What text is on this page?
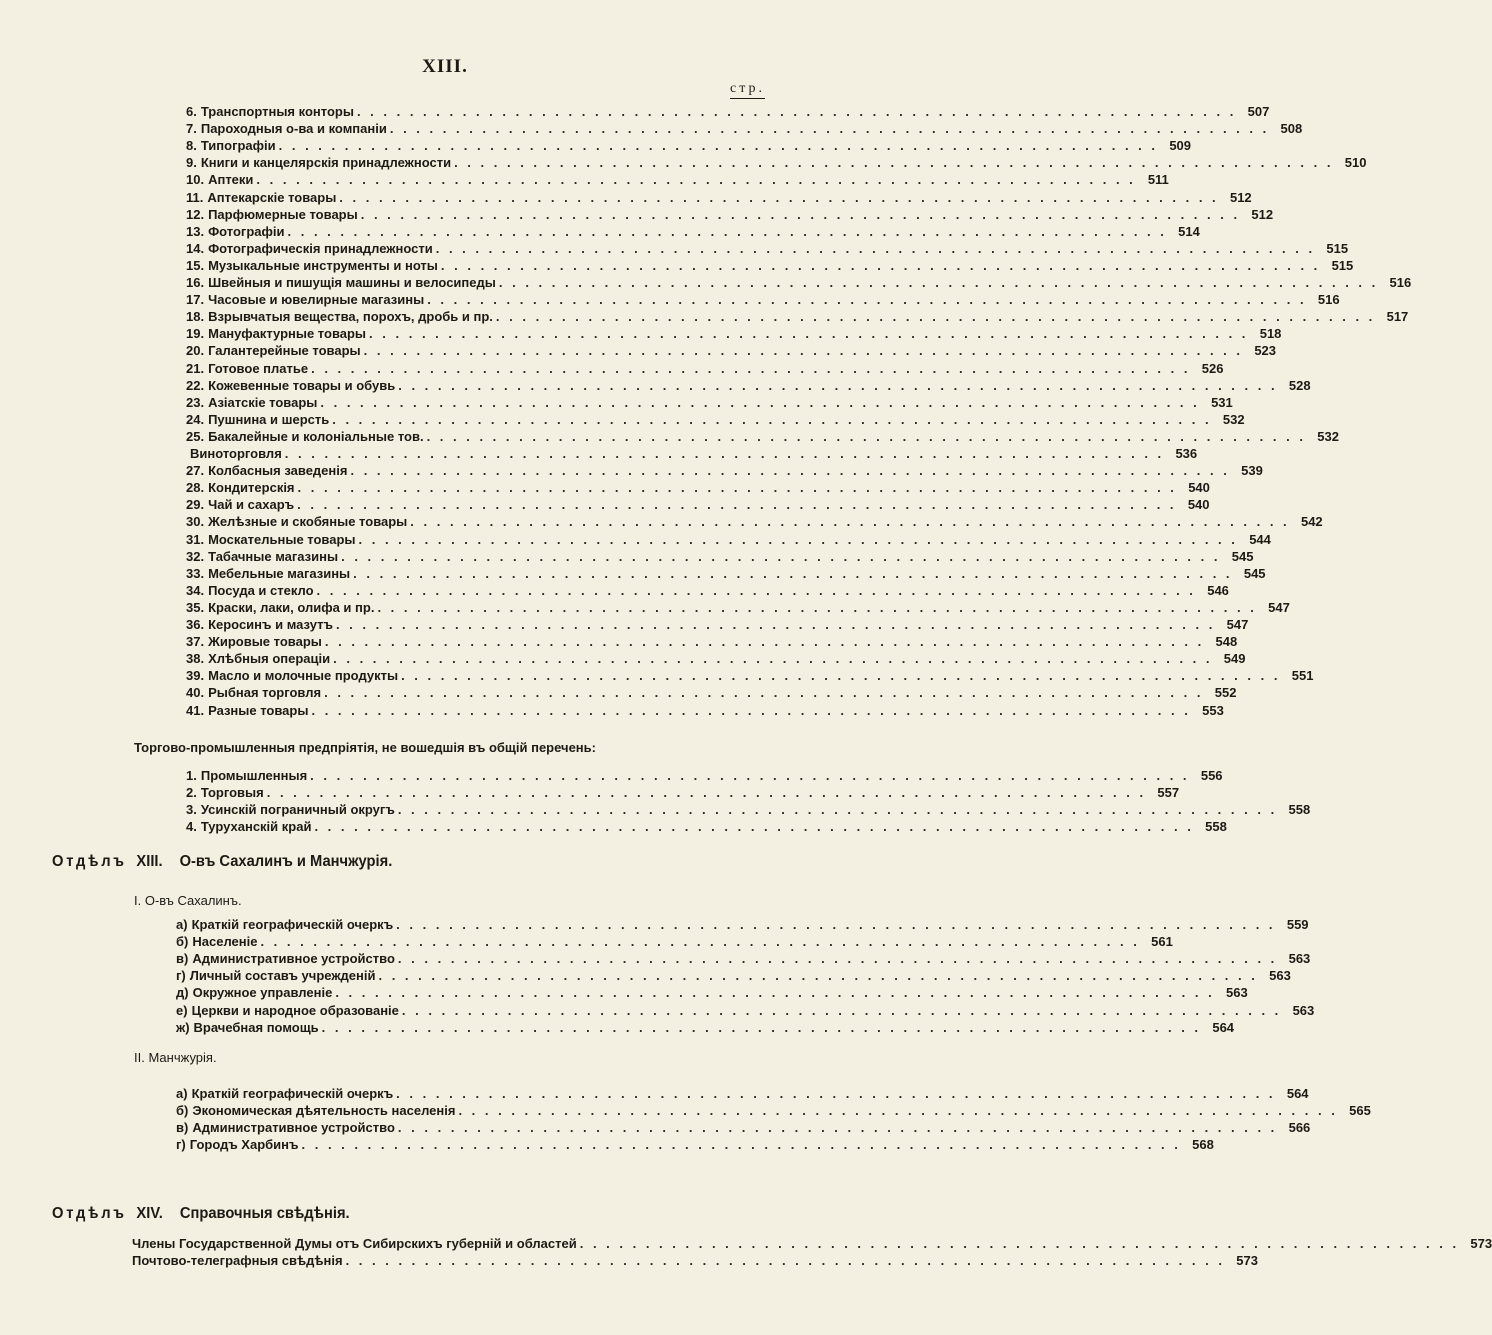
XIII.
стр.
6. Транспортныя конторы . . . . . . . . . . . . . . . . . . . . . . . . . . . . . . . . . . . . . . . . . . . . . . . . . . . . . . . . . . . . . . . . . . . 507
7. Пароходныя о-ва и компаніи . . . . . . . . . . . . . . . . . . . . . . . . . . . . . . . . . . . . . . . . . . . . . . . . . . . . . . . . . . . . . . . . . . . 508
8. Типографіи . . . . . . . . . . . . . . . . . . . . . . . . . . . . . . . . . . . . . . . . . . . . . . . . . . . . . . . . . . . . . . . . . . . 509
9. Книги и канцелярскія принадлежности . . . . . . . . . . . . . . . . . . . . . . . . . . . . . . . . . . . . . . . . . . . . . . . . . . . . . . . . . . . . . . . . . . . 510
10. Аптеки . . . . . . . . . . . . . . . . . . . . . . . . . . . . . . . . . . . . . . . . . . . . . . . . . . . . . . . . . . . . . . . . . . . 511
11. Аптекарскіе товары . . . . . . . . . . . . . . . . . . . . . . . . . . . . . . . . . . . . . . . . . . . . . . . . . . . . . . . . . . . . . . . . . . . 512
12. Парфюмерные товары . . . . . . . . . . . . . . . . . . . . . . . . . . . . . . . . . . . . . . . . . . . . . . . . . . . . . . . . . . . . . . . . . . . 512
13. Фотографіи . . . . . . . . . . . . . . . . . . . . . . . . . . . . . . . . . . . . . . . . . . . . . . . . . . . . . . . . . . . . . . . . . . . 514
14. Фотографическія принадлежности . . . . . . . . . . . . . . . . . . . . . . . . . . . . . . . . . . . . . . . . . . . . . . . . . . . . . . . . . . . . . . . . . . . 515
15. Музыкальные инструменты и ноты . . . . . . . . . . . . . . . . . . . . . . . . . . . . . . . . . . . . . . . . . . . . . . . . . . . . . . . . . . . . . . . . . . . 515
16. Швейныя и пишущія машины и велосипеды . . . . . . . . . . . . . . . . . . . . . . . . . . . . . . . . . . . . . . . . . . . . . . . . . . . . . . . . . . . . . . . . . . . 516
17. Часовые и ювелирные магазины . . . . . . . . . . . . . . . . . . . . . . . . . . . . . . . . . . . . . . . . . . . . . . . . . . . . . . . . . . . . . . . . . . . 516
18. Взрывчатыя вещества, порохъ, дробь и пр. . . . . . . . . . . . . . . . . . . . . . . . . . . . . . . . . . . . . . . . . . . . . . . . . . . . . . . . . . . . . . . . . . . . 517
19. Мануфактурные товары . . . . . . . . . . . . . . . . . . . . . . . . . . . . . . . . . . . . . . . . . . . . . . . . . . . . . . . . . . . . . . . . . . . 518
20. Галантерейные товары . . . . . . . . . . . . . . . . . . . . . . . . . . . . . . . . . . . . . . . . . . . . . . . . . . . . . . . . . . . . . . . . . . . 523
21. Готовое платье . . . . . . . . . . . . . . . . . . . . . . . . . . . . . . . . . . . . . . . . . . . . . . . . . . . . . . . . . . . . . . . . . . . 526
22. Кожевенные товары и обувь . . . . . . . . . . . . . . . . . . . . . . . . . . . . . . . . . . . . . . . . . . . . . . . . . . . . . . . . . . . . . . . . . . . 528
23. Азіатскіе товары . . . . . . . . . . . . . . . . . . . . . . . . . . . . . . . . . . . . . . . . . . . . . . . . . . . . . . . . . . . . . . . . . . . 531
24. Пушнина и шерсть . . . . . . . . . . . . . . . . . . . . . . . . . . . . . . . . . . . . . . . . . . . . . . . . . . . . . . . . . . . . . . . . . . . 532
25. Бакалейные и колоніальные тов. . . . . . . . . . . . . . . . . . . . . . . . . . . . . . . . . . . . . . . . . . . . . . . . . . . . . . . . . . . . . . . . . . . . 532
Виноторговля . . . . . . . . . . . . . . . . . . . . . . . . . . . . . . . . . . . . . . . . . . . . . . . . . . . . . . . . . . . . . . . . . . . 536
27. Колбасныя заведенія . . . . . . . . . . . . . . . . . . . . . . . . . . . . . . . . . . . . . . . . . . . . . . . . . . . . . . . . . . . . . . . . . . . 539
28. Кондитерскія . . . . . . . . . . . . . . . . . . . . . . . . . . . . . . . . . . . . . . . . . . . . . . . . . . . . . . . . . . . . . . . . . . . 540
29. Чай и сахаръ . . . . . . . . . . . . . . . . . . . . . . . . . . . . . . . . . . . . . . . . . . . . . . . . . . . . . . . . . . . . . . . . . . . 540
30. Желѣзные и скобяные товары . . . . . . . . . . . . . . . . . . . . . . . . . . . . . . . . . . . . . . . . . . . . . . . . . . . . . . . . . . . . . . . . . . . 542
31. Москательные товары . . . . . . . . . . . . . . . . . . . . . . . . . . . . . . . . . . . . . . . . . . . . . . . . . . . . . . . . . . . . . . . . . . . 544
32. Табачные магазины . . . . . . . . . . . . . . . . . . . . . . . . . . . . . . . . . . . . . . . . . . . . . . . . . . . . . . . . . . . . . . . . . . . 545
33. Мебельные магазины . . . . . . . . . . . . . . . . . . . . . . . . . . . . . . . . . . . . . . . . . . . . . . . . . . . . . . . . . . . . . . . . . . . 545
34. Посуда и стекло . . . . . . . . . . . . . . . . . . . . . . . . . . . . . . . . . . . . . . . . . . . . . . . . . . . . . . . . . . . . . . . . . . . 546
35. Краски, лаки, олифа и пр. . . . . . . . . . . . . . . . . . . . . . . . . . . . . . . . . . . . . . . . . . . . . . . . . . . . . . . . . . . . . . . . . . . . 547
36. Керосинъ и мазутъ . . . . . . . . . . . . . . . . . . . . . . . . . . . . . . . . . . . . . . . . . . . . . . . . . . . . . . . . . . . . . . . . . . . 547
37. Жировые товары . . . . . . . . . . . . . . . . . . . . . . . . . . . . . . . . . . . . . . . . . . . . . . . . . . . . . . . . . . . . . . . . . . . 548
38. Хлѣбныя операціи . . . . . . . . . . . . . . . . . . . . . . . . . . . . . . . . . . . . . . . . . . . . . . . . . . . . . . . . . . . . . . . . . . . 549
39. Масло и молочные продукты . . . . . . . . . . . . . . . . . . . . . . . . . . . . . . . . . . . . . . . . . . . . . . . . . . . . . . . . . . . . . . . . . . . 551
40. Рыбная торговля . . . . . . . . . . . . . . . . . . . . . . . . . . . . . . . . . . . . . . . . . . . . . . . . . . . . . . . . . . . . . . . . . . . 552
41. Разные товары . . . . . . . . . . . . . . . . . . . . . . . . . . . . . . . . . . . . . . . . . . . . . . . . . . . . . . . . . . . . . . . . . . . 553
Торгово-промышленныя предпріятія, не вошедшія въ общій перечень:
1. Промышленныя . . . . . . . . . . . . . . . . . . . . . . . . . . . . . . . . . . . . . . . . . . . . . . . . . . . . . . . . . . . . . . . . . . . 556
2. Торговыя . . . . . . . . . . . . . . . . . . . . . . . . . . . . . . . . . . . . . . . . . . . . . . . . . . . . . . . . . . . . . . . . . . . 557
3. Усинскій пограничный округъ . . . . . . . . . . . . . . . . . . . . . . . . . . . . . . . . . . . . . . . . . . . . . . . . . . . . . . . . . . . . . . . . . . . 558
4. Туруханскій край . . . . . . . . . . . . . . . . . . . . . . . . . . . . . . . . . . . . . . . . . . . . . . . . . . . . . . . . . . . . . . . . . . . 558
Отдѣлъ XIII. О-въ Сахалинъ и Манчжурія.
I. О-въ Сахалинъ.
а) Краткій географическій очеркъ . . . . . . . . . . . . . . . . . . . . . . . . . . . . . . . . . . . . . . . . . . . . . . . . . . . . . . . . . . . . . . . . . . . 559
б) Населеніе . . . . . . . . . . . . . . . . . . . . . . . . . . . . . . . . . . . . . . . . . . . . . . . . . . . . . . . . . . . . . . . . . . . 561
в) Административное устройство . . . . . . . . . . . . . . . . . . . . . . . . . . . . . . . . . . . . . . . . . . . . . . . . . . . . . . . . . . . . . . . . . . . 563
г) Личный составъ учрежденій . . . . . . . . . . . . . . . . . . . . . . . . . . . . . . . . . . . . . . . . . . . . . . . . . . . . . . . . . . . . . . . . . . . 563
д) Окружное управленіе . . . . . . . . . . . . . . . . . . . . . . . . . . . . . . . . . . . . . . . . . . . . . . . . . . . . . . . . . . . . . . . . . . . 563
е) Церкви и народное образованіе . . . . . . . . . . . . . . . . . . . . . . . . . . . . . . . . . . . . . . . . . . . . . . . . . . . . . . . . . . . . . . . . . . . 563
ж) Врачебная помощь . . . . . . . . . . . . . . . . . . . . . . . . . . . . . . . . . . . . . . . . . . . . . . . . . . . . . . . . . . . . . . . . . . . 564
II. Манчжурія.
а) Краткій географическій очеркъ . . . . . . . . . . . . . . . . . . . . . . . . . . . . . . . . . . . . . . . . . . . . . . . . . . . . . . . . . . . . . . . . . . . 564
б) Экономическая дѣятельность населенія . . . . . . . . . . . . . . . . . . . . . . . . . . . . . . . . . . . . . . . . . . . . . . . . . . . . . . . . . . . . . . . . . . . 565
в) Административное устройство . . . . . . . . . . . . . . . . . . . . . . . . . . . . . . . . . . . . . . . . . . . . . . . . . . . . . . . . . . . . . . . . . . . 566
г) Городъ Харбинъ . . . . . . . . . . . . . . . . . . . . . . . . . . . . . . . . . . . . . . . . . . . . . . . . . . . . . . . . . . . . . . . . . . . 568
Отдѣлъ XIV. Справочныя свѣдѣнія.
Члены Государственной Думы отъ Сибирскихъ губерній и областей . . . . . . . . . . . . . . . . . . . . . . . . . . . . . . . . . . . . . . . . . . . . . . . . . . . . . . . . . . . . . . . . . . . 573
Почтово-телеграфныя свѣдѣнія . . . . . . . . . . . . . . . . . . . . . . . . . . . . . . . . . . . . . . . . . . . . . . . . . . . . . . . . . . . . . . . . . . . 573
